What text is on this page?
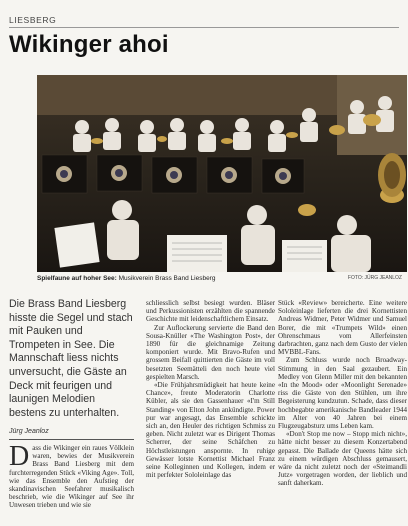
LIESBERG
Wikinger ahoi
Spielfaune auf hoher See: Musikverein Brass Band Liesberg	FOTO: JÜRG JEANLOZ
Die Brass Band Liesberg hisste die Segel und stach mit Pauken und Trompeten in See. Die Mannschaft liess nichts unversucht, die Gäste an Deck mit feurigen und launigen Melodien bestens zu unterhalten.
Jürg Jeanloz
Dass die Wikinger ein raues Völklein waren, bewies der Musikverein Brass Band Liesberg mit dem furchterregenden Stück «Viking Age». Toll, wie das Ensemble den Aufstieg der skandinavischen Seefahrer musikalisch beschrieb, wie die Wikinger auf See ihr Unwesen trieben und wie sie

schliesslich selbst besiegt wurden. Bläser und Perkussionisten erzählten die spannende Geschichte mit leidenschaftlichem Einsatz.

Zur Auflockerung servierte die Band den Sousa-Knüller «The Washington Post», der 1890 für die gleichnamige Zeitung komponiert wurde. Mit Bravo-Rufen und grossem Beifall quittierten die Gäste im voll besetzten Seemätteli den noch heute viel gespielten Marsch.

«Die Frühjahrsmüdigkeit hat heute keine Chance», freute Moderatorin Charlotte Kübler, als sie den Gassenhauer «I'm Still Standing» von Elton John ankündigte. Power pur war angesagt, das Ensemble schickte sich an, den Heuler des richtigen Schmiss zu geben. Nicht zuletzt war es Dirigent Thomas Scherrer, der seine Schäfchen zu Höchstleistungen anspornte. In ruhige Gewässer lotste Kornettist Michael Franz seine Kolleginnen und Kollegen, indem er mit perfekter Sololeinlage das

Stück «Review» bereicherte. Eine weitere Sololeinlage lieferten die drei Kornettisten Andreas Widmer, Peter Widmer und Samuel Borer, die mit «Trumpets Wild» einen Ohrenschmaus vom Allerfeinsten darbrachten, ganz nach dem Gusto der vielen MVBBL-Fans.

Zum Schluss wurde noch Broadway-Stimmung in den Saal gezaubert. Ein Medley von Glenn Miller mit den bekannten «In the Mood» oder «Moonlight Serenade» riss die Gäste von den Stühlen, um ihre Begeisterung kundzutun. Schade, dass dieser hochbegabte amerikanische Bandleader 1944 im Alter von 40 Jahren bei einem Flugzeugabsturz ums Leben kam.

«Don't Stop me now – Stopp mich nicht», hätte nicht besser zu diesem Konzertabend gepasst. Die Ballade der Queens hätte sich zu einem würdigen Abschluss gemausert, wäre da nicht zuletzt noch der «Steimandli Jutz» vorgetragen worden, der lieblich und sanft daherkam.
